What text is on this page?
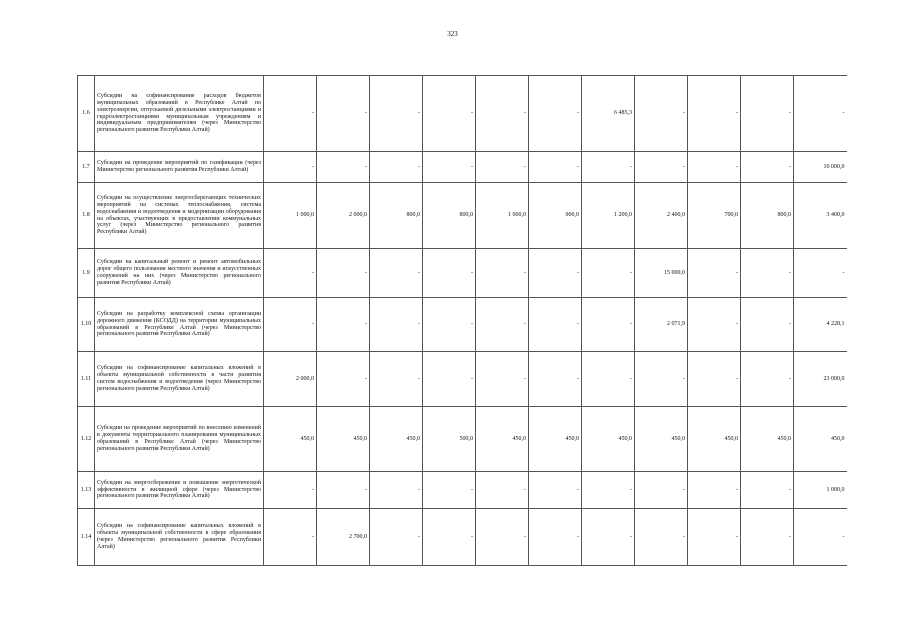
323
1.6	Субсидии на софинансирование расходов бюджетов муниципальных образований в Республике Алтай по электроэнергии, отпускаемой дизельными электростанциями и гидроэлектростанциями муниципальным учреждениям и индивидуальным предпринимателям (через Министерство регионального развития Республики Алтай)	-	-	-	-	-	-	6 485,3	-	-	-	-
1.7	Субсидии на проведение мероприятий по газификации (через Министерство регионального развития Республики Алтай)	-	-	-	-	-	-	-	-	-	-	10 000,0
1.8	Субсидии на осуществление энергосберегающих технических мероприятий на системах теплоснабжения, система водоснабжения и водоотведения и модернизации оборудования на объектах, участвующих в предоставлении коммунальных услуг (через Министерство регионального развития Республики Алтай)	1 000,0	2 000,0	800,0	800,0	1 000,0	900,0	1 200,0	2 400,0	700,0	800,0	3 400,0
1.9	Субсидии на капитальный ремонт и ремонт автомобильных дорог общего пользования местного значения и искусственных сооружений на них (через Министерство регионального развития Республики Алтай)	-	-	-	-	-	-	-	15 000,0	-	-	-
1.10	Субсидии на разработку комплексной схемы организации дорожного движения (КСОДД) на территории муниципальных образований в Республике Алтай (через Министерство регионального развития Республики Алтай)	-	-	-	-	-	-	-	2 071,9	-	-	4 228,1
1.11	Субсидии на софинансирование капитальных вложений в объекты муниципальной собственности в части развития систем водоснабжения и водоотведения (через Министерство регионального развития Республики Алтай)	2 000,0	-	-	-	-	-	-	-	-	-	23 000,0
1.12	Субсидии на проведение мероприятий по внесению изменений в документы территориального планирования муниципальных образований в Республике Алтай (через Министерство регионального развития Республики Алтай)	450,0	450,0	450,0	500,0	450,0	450,0	450,0	450,0	450,0	450,0	450,0
1.13	Субсидии на энергосбережение и повышение энергетической эффективности в жилищной сфере (через Министерство регионального развития Республики Алтай)	-	-	-	-	-	-	-	-	-	-	1 000,0
1.14	Субсидии на софинансирование капитальных вложений в объекты муниципальной собственности в сфере образования (через Министерство регионального развития Республики Алтай)	-	2 700,0	-	-	-	-	-	-	-	-	-
